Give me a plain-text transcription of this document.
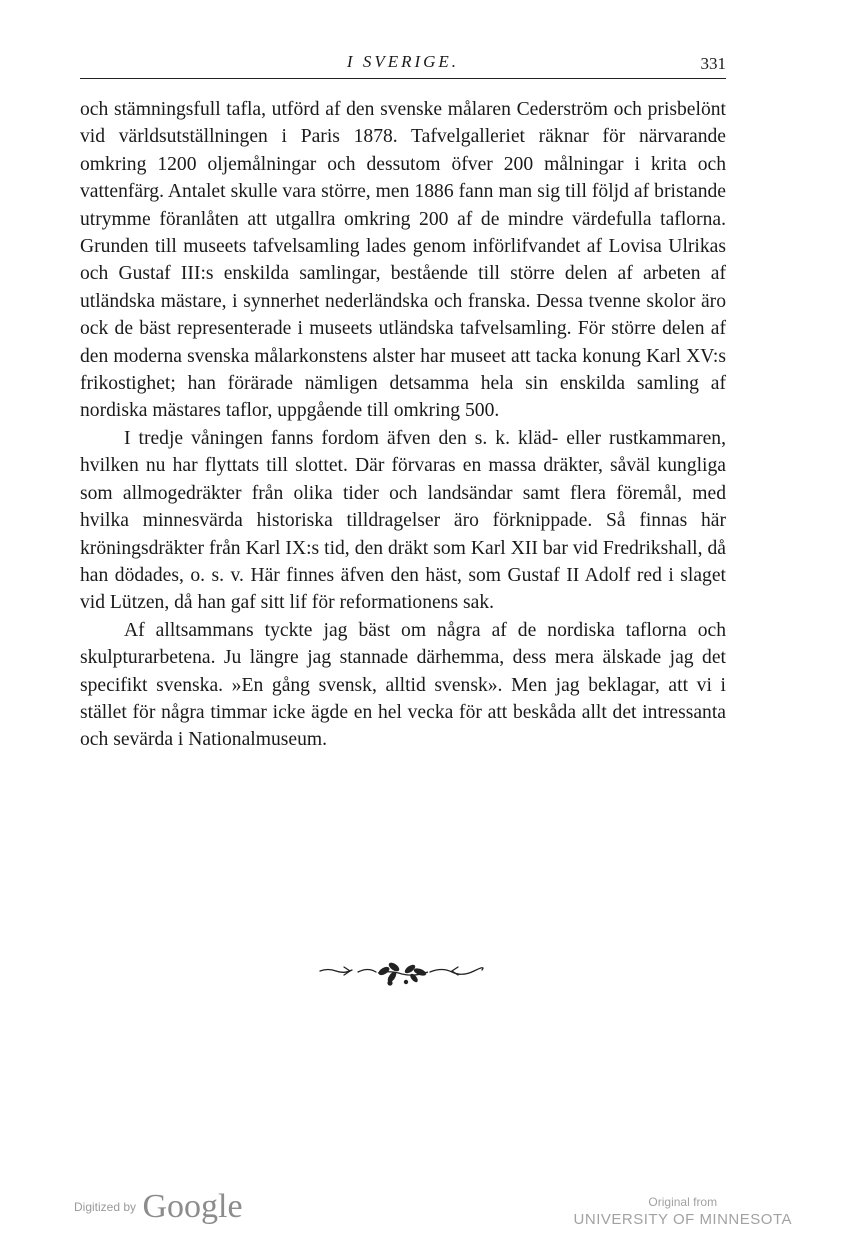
I SVERIGE.	331

och stämningsfull tafla, utförd af den svenske målaren Cederström och prisbelönt vid världsutställningen i Paris 1878. Tafvelgalleriet räknar för närvarande omkring 1200 oljemålningar och dessutom öfver 200 målningar i krita och vattenfärg. Antalet skulle vara större, men 1886 fann man sig till följd af bristande utrymme föranlåten att utgallra omkring 200 af de mindre värdefulla taflorna. Grunden till museets tafvelsamling lades genom införlifvandet af Lovisa Ulrikas och Gustaf III:s enskilda samlingar, bestående till större delen af arbeten af utländska mästare, i synnerhet nederländska och franska. Dessa tvenne skolor äro ock de bäst representerade i museets utländska tafvelsamling. För större delen af den moderna svenska målarkonstens alster har museet att tacka konung Karl XV:s frikostighet; han förärade nämligen detsamma hela sin enskilda samling af nordiska mästares taflor, uppgående till omkring 500.

I tredje våningen fanns fordom äfven den s. k. kläd- eller rustkammaren, hvilken nu har flyttats till slottet. Där förvaras en massa dräkter, såväl kungliga som allmogedräkter från olika tider och landsändar samt flera föremål, med hvilka minnesvärda historiska tilldragelser äro förknippade. Så finnas här kröningsdräkter från Karl IX:s tid, den dräkt som Karl XII bar vid Fredrikshall, då han dödades, o. s. v. Här finnes äfven den häst, som Gustaf II Adolf red i slaget vid Lützen, då han gaf sitt lif för reformationens sak.

Af alltsammans tyckte jag bäst om några af de nordiska taflorna och skulpturarbetena. Ju längre jag stannade därhemma, dess mera älskade jag det specifikt svenska. »En gång svensk, alltid svensk». Men jag beklagar, att vi i stället för några timmar icke ägde en hel vecka för att beskåda allt det intressanta och sevärda i Nationalmuseum.

Digitized by Google	Original from
UNIVERSITY OF MINNESOTA
